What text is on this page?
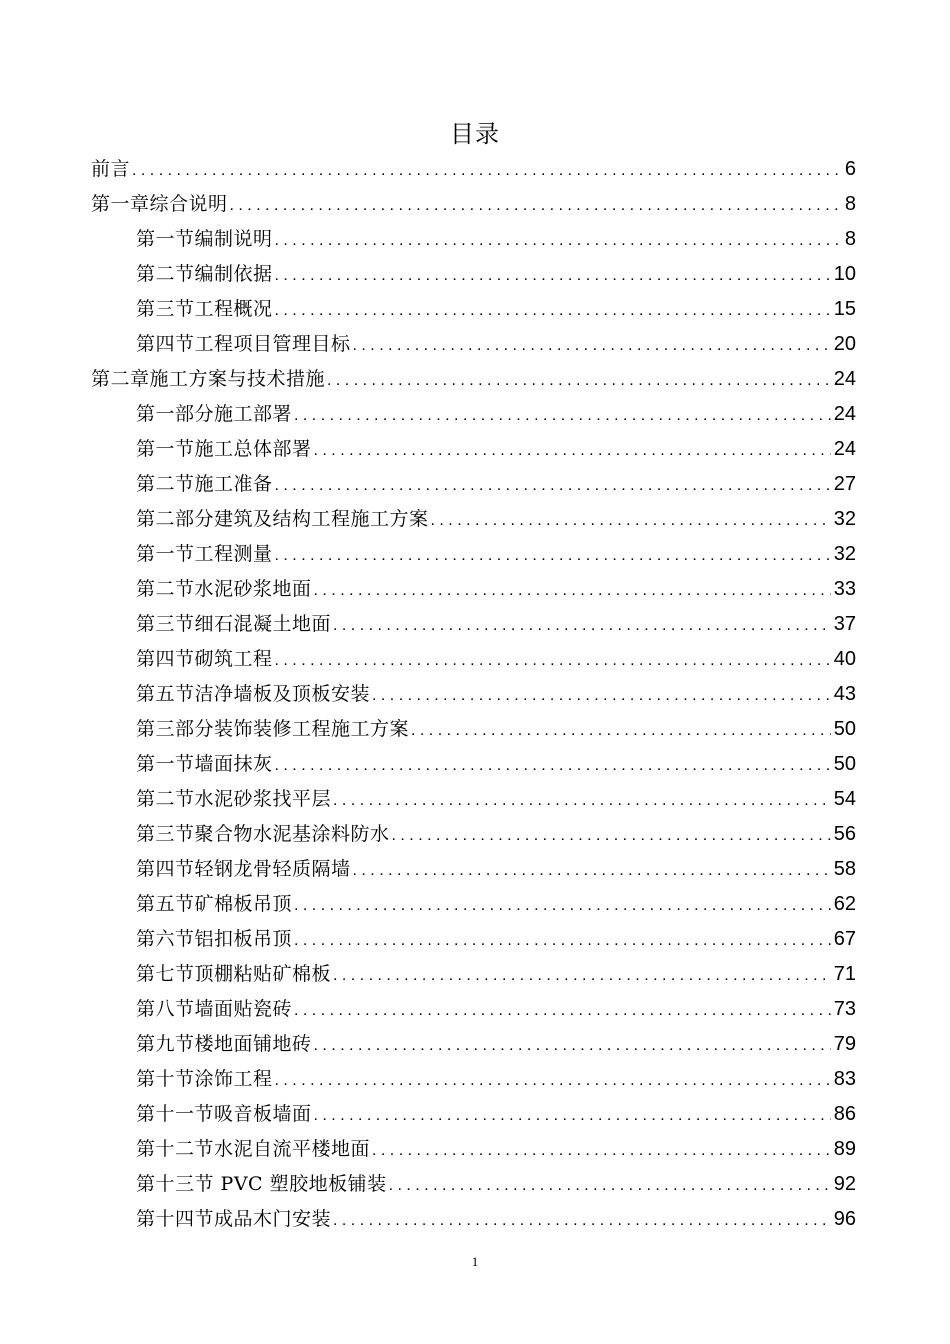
目录
前言 . . .	6
第一章综合说明 . . .	8
第一节编制说明 . . .	8
第二节编制依据 . . .	10
第三节工程概况 . . .	15
第四节工程项目管理目标 . . .	20
第二章施工方案与技术措施 . . .	24
第一部分施工部署 . . .	24
第一节施工总体部署 . . .	24
第二节施工准备 . . .	27
第二部分建筑及结构工程施工方案 . . .	32
第一节工程测量 . . .	32
第二节水泥砂浆地面 . . .	33
第三节细石混凝土地面 . . .	37
第四节砌筑工程 . . .	40
第五节洁净墙板及顶板安装 . . .	43
第三部分装饰装修工程施工方案 . . .	50
第一节墙面抹灰 . . .	50
第二节水泥砂浆找平层 . . .	54
第三节聚合物水泥基涂料防水 . . .	56
第四节轻钢龙骨轻质隔墙 . . .	58
第五节矿棉板吊顶 . . .	62
第六节铝扣板吊顶 . . .	67
第七节顶棚粘贴矿棉板 . . .	71
第八节墙面贴瓷砖 . . .	73
第九节楼地面铺地砖 . . .	79
第十节涂饰工程 . . .	83
第十一节吸音板墙面 . . .	86
第十二节水泥自流平楼地面 . . .	89
第十三节 PVC 塑胶地板铺装 . . .	92
第十四节成品木门安装 . . .	96
1
